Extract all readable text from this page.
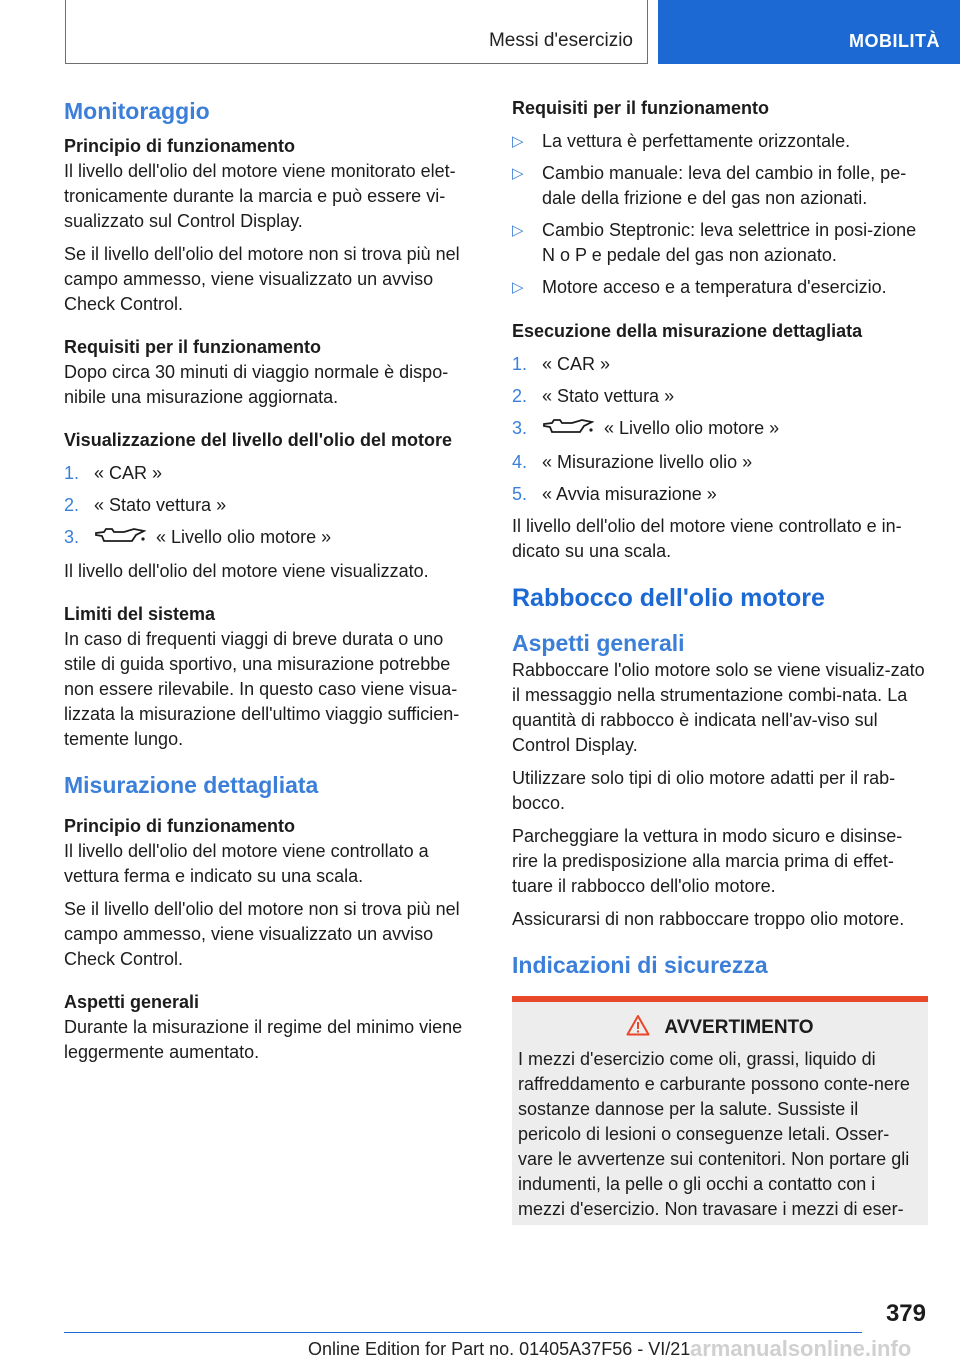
Messi d'esercizio	MOBILITÀ
Monitoraggio
Principio di funzionamento

Il livello dell'olio del motore viene monitorato elet-tronicamente durante la marcia e può essere vi-sualizzato sul Control Display.

Se il livello dell'olio del motore non si trova più nel campo ammesso, viene visualizzato un avviso Check Control.

Requisiti per il funzionamento

Dopo circa 30 minuti di viaggio normale è dispo-nibile una misurazione aggiornata.

Visualizzazione del livello dell'olio del motore
1. « CAR »
2. « Stato vettura »
3.	« Livello olio motore »

Il livello dell'olio del motore viene visualizzato.

Limiti del sistema

In caso di frequenti viaggi di breve durata o uno stile di guida sportivo, una misurazione potrebbe non essere rilevabile. In questo caso viene visua-lizzata la misurazione dell'ultimo viaggio sufficien-temente lungo.

Misurazione dettagliata
Principio di funzionamento

Il livello dell'olio del motore viene controllato a vettura ferma e indicato su una scala.

Se il livello dell'olio del motore non si trova più nel campo ammesso, viene visualizzato un avviso Check Control.

Aspetti generali

Durante la misurazione il regime del minimo viene leggermente aumentato.

Requisiti per il funzionamento
▷ La vettura è perfettamente orizzontale.
▷ Cambio manuale: leva del cambio in folle, pe-dale della frizione e del gas non azionati.
▷ Cambio Steptronic: leva selettrice in posi-zione N o P e pedale del gas non azionato.
▷ Motore acceso e a temperatura d'esercizio.
Esecuzione della misurazione dettagliata
1. « CAR »
2. « Stato vettura »
3.	« Livello olio motore »
4. « Misurazione livello olio »
5. « Avvia misurazione »

Il livello dell'olio del motore viene controllato e in-dicato su una scala.

Rabbocco dell'olio motore
Aspetti generali

Rabboccare l'olio motore solo se viene visualiz-zato il messaggio nella strumentazione combi-nata. La quantità di rabbocco è indicata nell'av-viso sul Control Display.

Utilizzare solo tipi di olio motore adatti per il rab-bocco.

Parcheggiare la vettura in modo sicuro e disinse-rire la predisposizione alla marcia prima di effet-tuare il rabbocco dell'olio motore.

Assicurarsi di non rabboccare troppo olio motore.

Indicazioni di sicurezza
AVVERTIMENTO

I mezzi d'esercizio come oli, grassi, liquido di raffreddamento e carburante possono conte-nere sostanze dannose per la salute. Sussiste il pericolo di lesioni o conseguenze letali. Osser-vare le avvertenze sui contenitori. Non portare gli indumenti, la pelle o gli occhi a contatto con i mezzi d'esercizio. Non travasare i mezzi di eser-

379
Online Edition for Part no. 01405A37F56 - VI/21 armanualsonline.info
